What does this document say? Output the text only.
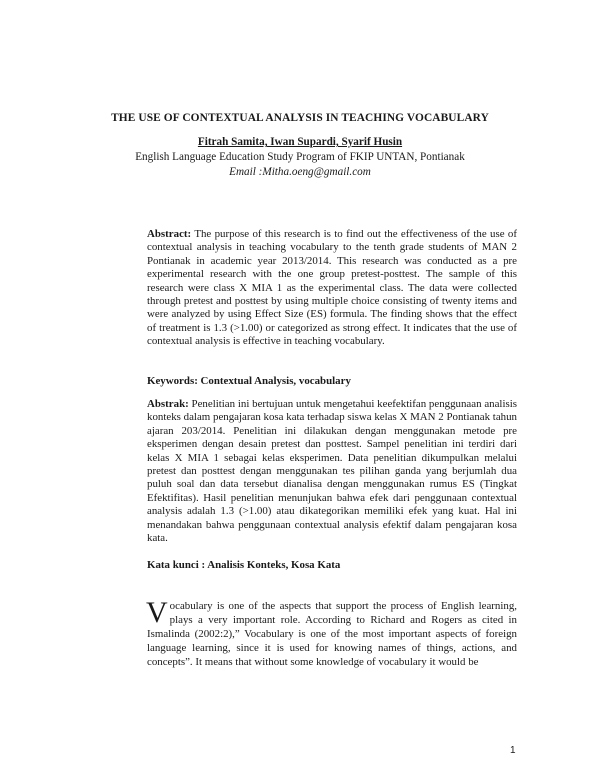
THE USE OF CONTEXTUAL ANALYSIS IN TEACHING VOCABULARY
Fitrah Samita, Iwan Supardi, Syarif Husin
English Language Education Study Program of FKIP UNTAN, Pontianak
Email :Mitha.oeng@gmail.com
Abstract: The purpose of this research is to find out the effectiveness of the use of contextual analysis in teaching vocabulary to the tenth grade students of MAN 2 Pontianak in academic year 2013/2014. This research was conducted as a pre experimental research with the one group pretest-posttest. The sample of this research were class X MIA 1 as the experimental class. The data were collected through pretest and posttest by using multiple choice consisting of twenty items and were analyzed by using Effect Size (ES) formula. The finding shows that the effect of treatment is 1.3 (>1.00) or categorized as strong effect. It indicates that the use of contextual analysis is effective in teaching vocabulary.
Keywords: Contextual Analysis, vocabulary
Abstrak: Penelitian ini bertujuan untuk mengetahui keefektifan penggunaan analisis konteks dalam pengajaran kosa kata terhadap siswa kelas X MAN 2 Pontianak tahun ajaran 203/2014. Penelitian ini dilakukan dengan menggunakan metode pre eksperimen dengan desain pretest dan posttest. Sampel penelitian ini terdiri dari kelas X MIA 1 sebagai kelas eksperimen. Data penelitian dikumpulkan melalui pretest dan posttest dengan menggunakan tes pilihan ganda yang berjumlah dua puluh soal dan data tersebut dianalisa dengan menggunakan rumus ES (Tingkat Efektifitas). Hasil penelitian menunjukan bahwa efek dari penggunaan contextual analysis adalah 1.3 (>1.00) atau dikategorikan memiliki efek yang kuat. Hal ini menandakan bahwa penggunaan contextual analysis efektif dalam pengajaran kosa kata.
Kata kunci : Analisis Konteks, Kosa Kata
Vocabulary is one of the aspects that support the process of English learning, plays a very important role. According to Richard and Rogers as cited in Ismalinda (2002:2),” Vocabulary is one of the most important aspects of foreign language learning, since it is used for knowing names of things, actions, and concepts”. It means that without some knowledge of vocabulary it would be
1
